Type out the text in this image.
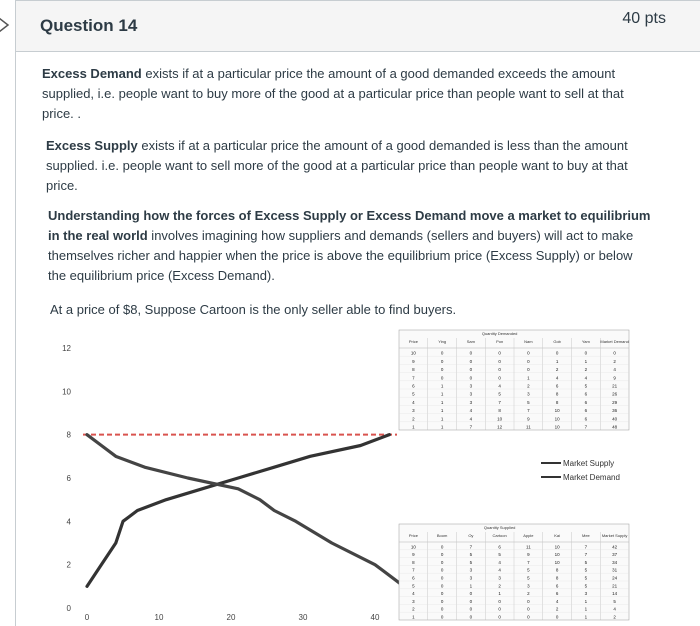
Question 14	40 pts
Excess Demand exists if at a particular price the amount of a good demanded exceeds the amount supplied, i.e. people want to buy more of the good at a particular price than people want to sell at that price. .
Excess Supply exists if at a particular price the amount of a good demanded is less than the amount supplied. i.e. people want to sell more of the good at a particular price than people want to buy at that price.
Understanding how the forces of Excess Supply or Excess Demand move a market to equilibrium in the real world involves imagining how suppliers and demands (sellers and buyers) will act to make themselves richer and happier when the price is above the equilibrium price (Excess Supply) or below the equilibrium price (Excess Demand).
At a price of $8, Suppose Cartoon is the only seller able to find buyers.
0
2
4
6
8
10
12
0	10	20	30	40
Market Supply
Market Demand
Quantity Demanded
Price	Ying	Sam	Pon	Nam	Gob	Yam	Market Demand
10	0	0	0	0	0	0	0
9	0	0	0	0	1	1	2
8	0	0	0	0	2	2	4
7	0	0	0	1	4	4	9
6	1	3	4	2	6	5	21
5	1	3	5	3	8	6	26
4	1	3	7	5	8	6	29
3	1	4	8	7	10	6	36
2	1	4	10	9	10	6	40
1	1	7	12	11	10	7	48
Quantity Supplied
Price	Boom	Oy	Cartoon	Apple	Kai	Mee	Market Supply
10	0	7	6	11	10	7	42
9	0	5	5	9	10	7	37
8	0	5	4	7	10	5	34
7	0	3	4	5	8	5	31
6	0	3	3	5	8	5	24
5	0	1	2	3	6	5	21
4	0	0	1	2	6	3	14
3	0	0	0	0	4	1	5
2	0	0	0	0	2	1	4
1	0	0	0	0	0	1	2
